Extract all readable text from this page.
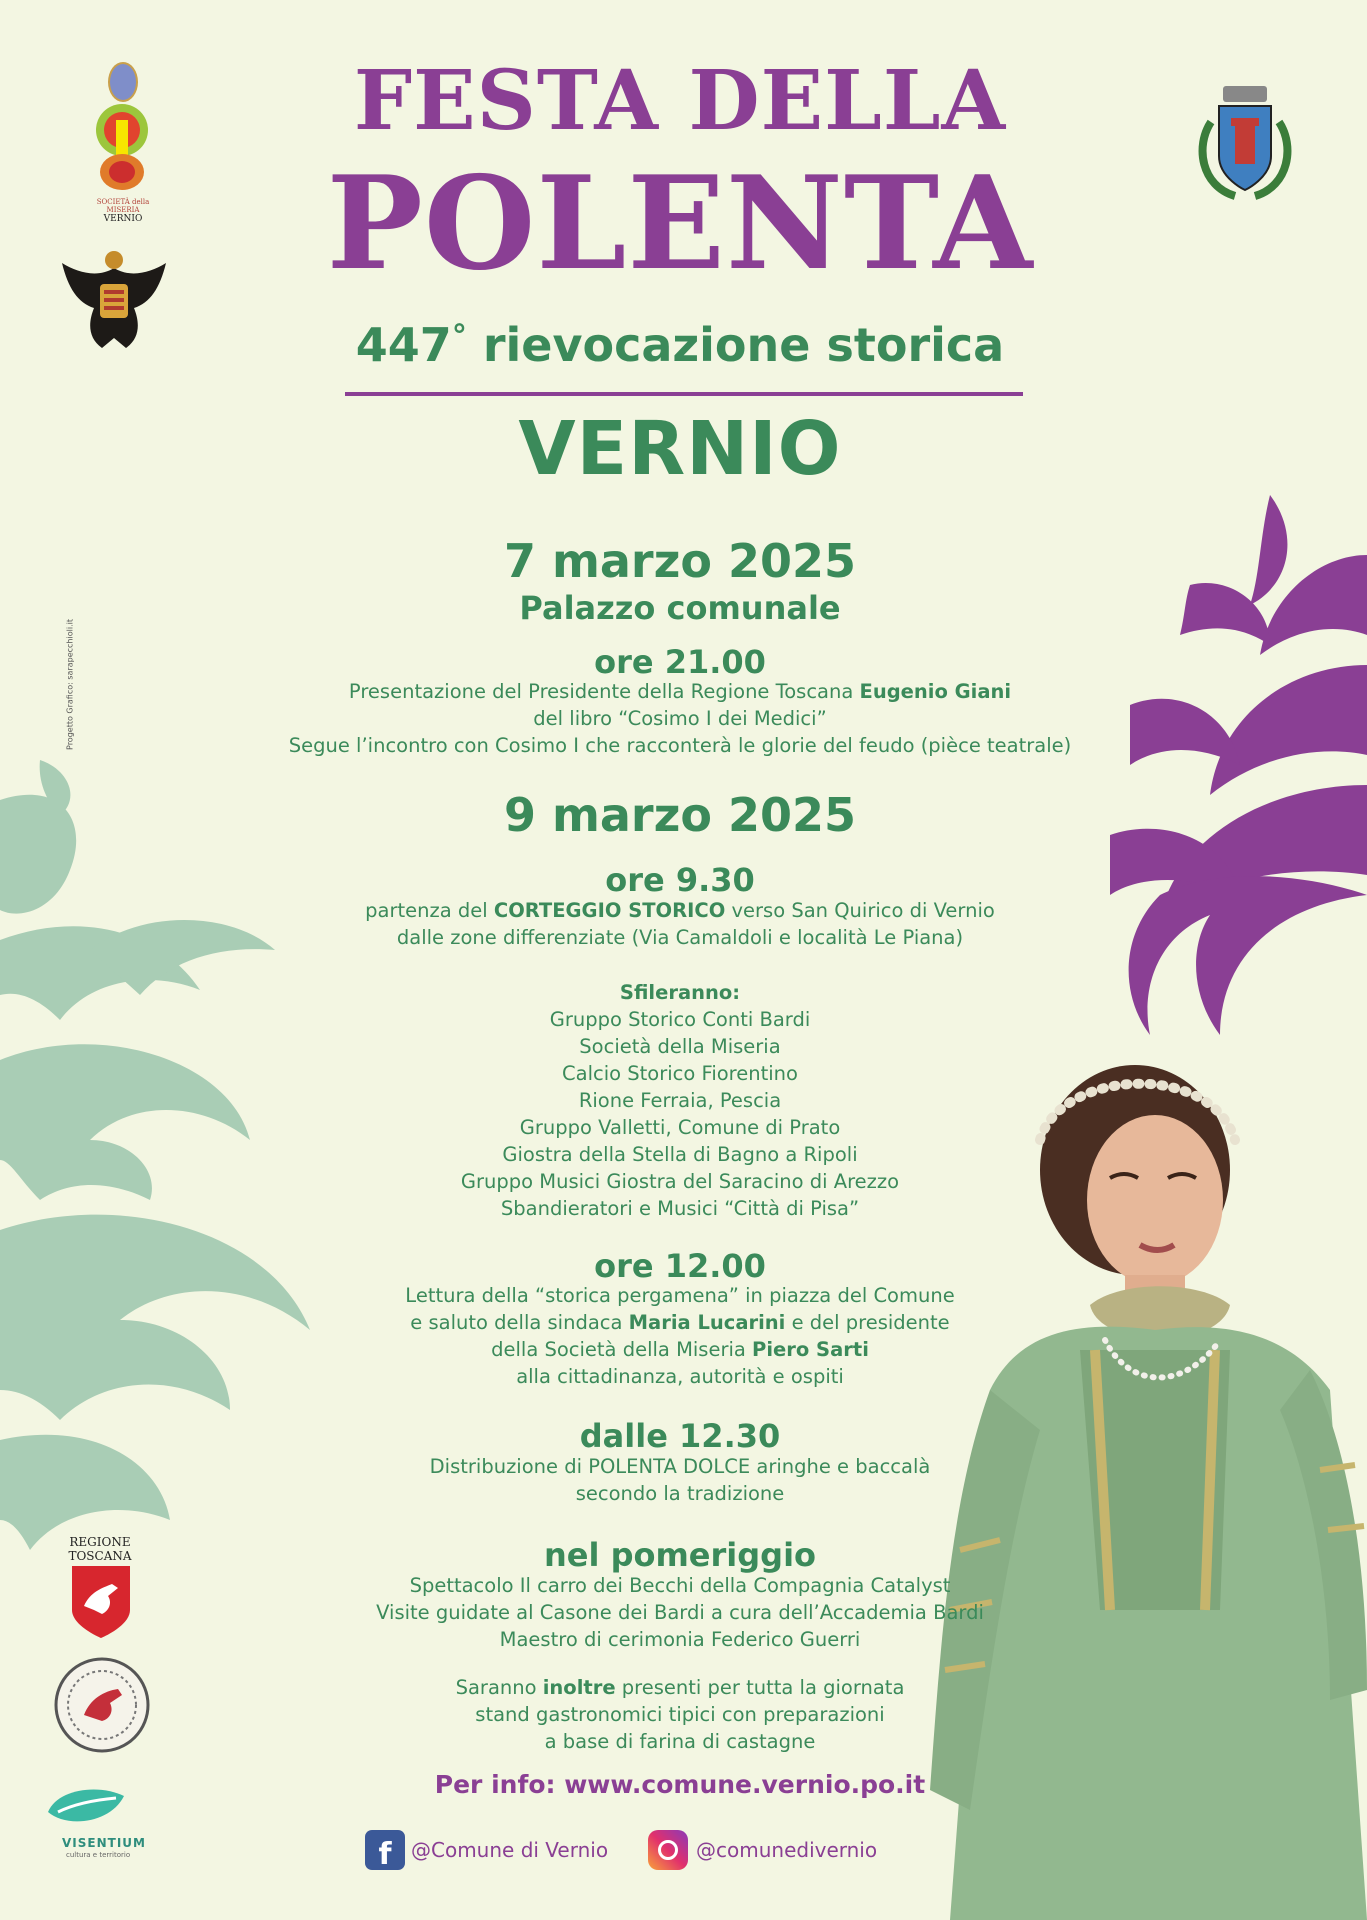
SOCIETÀ della MISERIA
VERNIO
Progetto Grafico: sarapecchioli.it
FESTA DELLA
POLENTA
447° rievocazione storica
VERNIO
7 marzo 2025
Palazzo comunale
ore 21.00
Presentazione del Presidente della Regione Toscana Eugenio Giani
del libro “Cosimo I dei Medici”
Segue l’incontro con Cosimo I che racconterà le glorie del feudo (pièce teatrale)
9 marzo 2025
ore 9.30
partenza del CORTEGGIO STORICO verso San Quirico di Vernio
dalle zone differenziate (Via Camaldoli e località Le Piana)
Sfileranno:
Gruppo Storico Conti Bardi
Società della Miseria
Calcio Storico Fiorentino
Rione Ferraia, Pescia
Gruppo Valletti, Comune di Prato
Giostra della Stella di Bagno a Ripoli
Gruppo Musici Giostra del Saracino di Arezzo
Sbandieratori e Musici “Città di Pisa”
ore 12.00
Lettura della “storica pergamena” in piazza del Comune
e saluto della sindaca Maria Lucarini e del presidente
della Società della Miseria Piero Sarti
alla cittadinanza, autorità e ospiti
dalle 12.30
Distribuzione di POLENTA DOLCE aringhe e baccalà
secondo la tradizione
nel pomeriggio
Spettacolo Il carro dei Becchi della Compagnia Catalyst
Visite guidate al Casone dei Bardi a cura dell’Accademia Bardi
Maestro di cerimonia Federico Guerri
Saranno inoltre presenti per tutta la giornata
stand gastronomici tipici con preparazioni
a base di farina di castagne
Per info: www.comune.vernio.po.it
f @Comune di Vernio	@comunedivernio
REGIONE
TOSCANA
VISENTIUM
cultura e territorio
